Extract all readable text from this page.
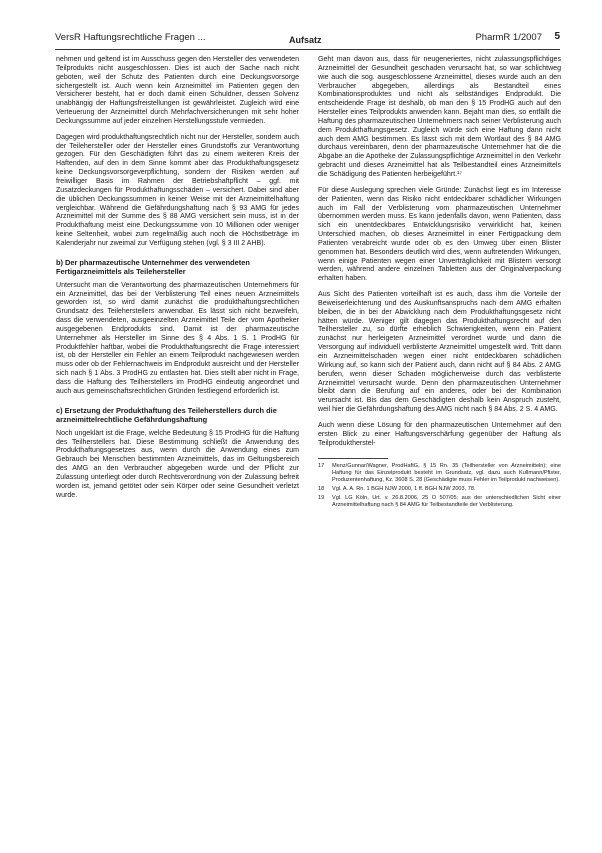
VersR Haftungsrechtliche Fragen ...	Aufsatz	PharmR 1/2007 5

nehmen und geltend ist im Ausschuss gegen den Hersteller des verwendeten Teilprodukts nicht ausgeschlossen. Dies ist auch der Sache nach nicht geboten, weil der Schutz des Patienten durch eine Deckungsvorsorge sichergestellt ist. Auch wenn kein Arzneimittel im Patienten gegen den Versicherer besteht, hat er doch damit einen Schuldner, dessen Solvenz unabhängig der Haftungsfreistellungen ist gewährleistet. Zugleich wird eine Verteuerung der Arzneimittel durch Mehrfachversicherungen mit sehr hoher Deckungssumme auf jeder einzelnen Herstellungsstufe vermieden.

Dagegen wird produkthaftungsrechtlich nicht nur der Hersteller, sondern auch der Teilehersteller oder der Hersteller eines Grundstoffs zur Verantwortung gezogen. Für den Geschädigten führt das zu einem weiteren Kreis der Haftenden, auf den in dem Sinne kommt aber das Produkthaftungsgesetz keine Deckungsvorsorgeverpflichtung, sondern der Risiken werden auf freiwilliger Basis im Rahmen der Betriebshaftpflicht – ggf. mit Zusatzdeckungen für Produkthaftungsschäden – versichert. Dabei sind aber die üblichen Deckungssummen in keiner Weise mit der Arzneimittelhaftung vergleichbar. Während die Gefährdungshaftung nach § 93 AMG für jedes Arzneimittel mit der Summe des § 88 AMG versichert sein muss, ist in der Produkthaftung meist eine Deckungssumme von 10 Millionen oder weniger keine Seltenheit, wobei zum regelmäßig auch noch die Höchstbeträge im Kalenderjahr nur zweimal zur Verfügung stehen (vgl. § 3 III 2 AHB).

b) Der pharmazeutische Unternehmer des verwendeten Fertigarzneimittels als Teilehersteller

Untersucht man die Verantwortung des pharmazeutischen Unternehmers für ein Arzneimittel, das bei der Verblisterung Teil eines neuen Arzneimittels geworden ist, so wird damit zunächst die produkthaftungsrechtlichen Grundsatz des Teileherstellers anwendbar. Es lässt sich nicht bezweifeln, dass die verwendeten, ausgeeinzelten Arzneimittel Teile der vom Apotheker ausgegebenen Endprodukts sind. Damit ist der pharmazeutische Unternehmer als Hersteller im Sinne des § 4 Abs. 1 S. 1 ProdHG für Produktfehler haftbar, wobei die Produkthaftungsrecht die Frage interessiert ist, ob der Hersteller ein Fehler an einem Teilprodukt nachgewiesen werden muss oder ob der Fehlernachweis im Endprodukt ausreicht und der Hersteller sich nach § 1 Abs. 3 ProdHG zu entlasten hat. Dies stellt aber nicht in Frage, dass die Haftung des Teilherstellers im ProdHG eindeutig angeordnet und auch aus gemeinschaftsrechtlichen Gründen festliegend erforderlich ist.

c) Ersetzung der Produkthaftung des Teileherstellers durch die arzneimittelrechtliche Gefährdungshaftung

Noch ungeklärt ist die Frage, welche Bedeutung § 15 ProdHG für die Haftung des Teilherstellers hat. Diese Bestimmung schließt die Anwendung des Produkthaftungsgesetzes aus, wenn durch die Anwendung eines zum Gebrauch bei Menschen bestimmten Arzneimittels, das im Geltungsbereich des AMG an den Verbraucher abgegeben wurde und der Pflicht zur Zulassung unterliegt oder durch Rechtsverordnung von der Zulassung befreit worden ist, jemand getötet oder sein Körper oder seine Gesundheit verletzt wurde.

Geht man davon aus, dass für neugeneriertes, nicht zulassungspflichtiges Arzneimittel der Gesundheit geschaden verursacht hat, so war schlichtweg wie auch die sog. ausgeschlossene Arzneimittel, dieses wurde auch an den Verbraucher abgegeben, allerdings als Bestandteil eines Kombinationsproduktes und nicht als selbständiges Endprodukt. Die entscheidende Frage ist deshalb, ob man den § 15 ProdHG auch auf den Hersteller eines Teilprodukts anwenden kann. Bejaht man dies, so entfällt die Haftung des pharmazeutischen Unternehmers nach seiner Verblisterung auch dem Produkthaftungsgesetz. Zugleich würde sich eine Haftung dann nicht auch dem AMG bestimmen. Es lässt sich mit dem Wortlaut des § 84 AMG durchaus vereinbaren, denn der pharmazeutische Unternehmer hat die die Abgabe an die Apotheke der Zulassungspflichtige Arzneimittel in den Verkehr gebracht und dieses Arzneimittel hat als Teilbestandteil eines Arzneimittels die Schädigung des Patienten herbeigeführt.¹⁷

Für diese Auslegung sprechen viele Gründe: Zunächst liegt es im Interesse der Patienten, wenn das Risiko nicht entdeckbarer schädlicher Wirkungen auch im Fall der Verblisterung vom pharmazeutischen Unternehmer übernommen werden muss. Es kann jedenfalls davon, wenn Patienten, dass sich ein unentdeckbares Entwicklungsrisiko verwirklicht hat, keinen Unterschied machen, ob dieses Arzneimittel in einer Fertigpackung dem Patienten verabreicht wurde oder ob es den Umweg über einen Blister genommen hat. Besonders deutlich wird dies, wenn auftretenden Wirkungen, wenn einige Patienten wegen einer Unverträglichkeit mit Blistern versorgt werden, während andere einzelnen Tabletten aus der Originalverpackung erhalten haben.

Aus Sicht des Patienten vorteilhaft ist es auch, dass ihm die Vorteile der Beweiserleichterung und des Auskunftsanspruchs nach dem AMG erhalten bleiben, die in bei der Abwicklung nach dem Produkthaftungsgesetz nicht hätten würde. Weniger gilt dagegen das Produkthaftungsrecht auf den Teilhersteller zu, so dürfte erheblich Schwierigkeiten, wenn ein Patient zunächst nur herleigeten Arzneimittel verordnet wurde und dann die Versorgung auf individuell verblisterte Arzneimittel umgestellt wird. Tritt dann ein Arzneimittelschaden wegen einer nicht entdeckbaren schädlichen Wirkung auf, so kann sich der Patient auch, dann nicht auf § 84 Abs. 2 AMG berufen, wenn dieser Schaden möglicherweise durch das verblisterte Arzneimittel verursacht wurde. Denn den pharmazeutischen Unternehmer bleibt dann die Berufung auf ein anderes, oder bei der Kombination verursacht ist. Bis das dem Geschädigten deshalb kein Anspruch zusteht, weil hier die Gefährdungshaftung des AMG nicht nach § 84 Abs. 2 S. 4 AMG.

Auch wenn diese Lösung für den pharmazeutischen Unternehmer auf den ersten Blick zu einer Haftungsverschärfung gegenüber der Haftung als Teilproduktherstel-

17	Menz/Gunnar/Wagner, ProdHaftG, § 15 Rn. 35 (Teilhersteller von Arzneimitteln); eine Haftung für das Einzelprodukt besteht im Grundsatz, vgl. dazu auch Kullmann/Pfister, Produzentenhaftung, Kz. 3608 S. 28 (Geschädigte muss Fehler im Teilprodukt nachweisen).
18	Vgl. A. A. Rn. 1 BGH NJW 2000, 1 ff. BGH NJW 2003, 78.
19	Vgl. LG Köln, Urt. v. 26.8.2006, 25 O 507/05; aus der unterschiedlichen Sicht einer Arzneimittelhaftung nach § 84 AMG für Teilbestandteile der Verblisterung.
